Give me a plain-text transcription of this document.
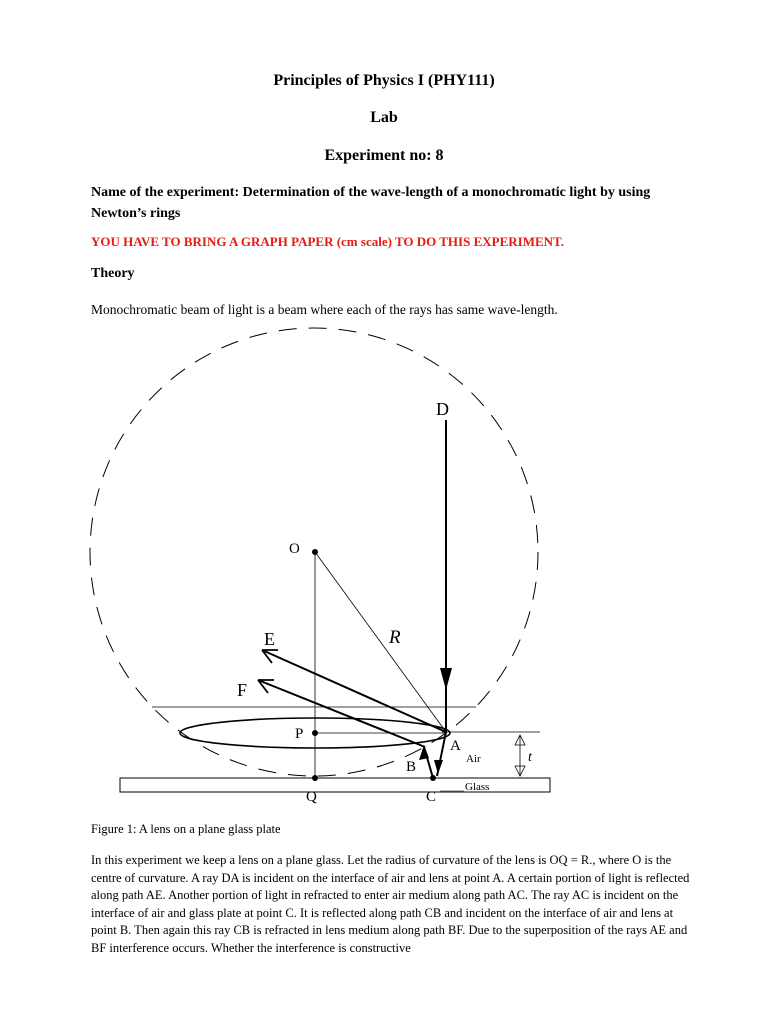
Principles of Physics I (PHY111)
Lab
Experiment no: 8
Name of the experiment: Determination of the wave-length of a monochromatic light by using Newton’s rings
YOU HAVE TO BRING A GRAPH PAPER (cm scale) TO DO THIS EXPERIMENT.
Theory
Monochromatic beam of light is a beam where each of the rays has same wave-length.
D
O
R
E
F
P
A
B	Air	t
Q	C
Glass
Figure 1: A lens on a plane glass plate
In this experiment we keep a lens on a plane glass. Let the radius of curvature of the lens is OQ = R., where O is the centre of curvature. A ray DA is incident on the interface of air and lens at point A. A certain portion of light is reflected along path AE. Another portion of light in refracted to enter air medium along path AC. The ray AC is incident on the interface of air and glass plate at point C. It is reflected along path CB and incident on the interface of air and lens at point B. Then again this ray CB is refracted in lens medium along path BF. Due to the superposition of the rays AE and BF interference occurs. Whether the interference is constructive
